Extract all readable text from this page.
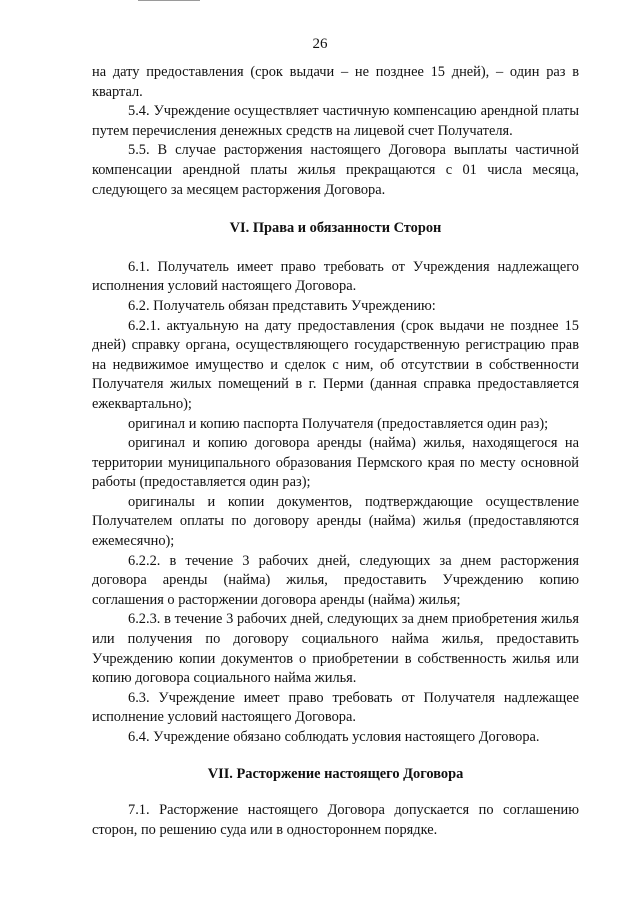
26

на дату предоставления (срок выдачи – не позднее 15 дней), – один раз в квартал.

5.4. Учреждение осуществляет частичную компенсацию арендной платы путем перечисления денежных средств на лицевой счет Получателя.

5.5. В случае расторжения настоящего Договора выплаты частичной компенсации арендной платы жилья прекращаются с 01 числа месяца, следующего за месяцем расторжения Договора.

VI. Права и обязанности Сторон

6.1. Получатель имеет право требовать от Учреждения надлежащего исполнения условий настоящего Договора.

6.2. Получатель обязан представить Учреждению:

6.2.1. актуальную на дату предоставления (срок выдачи не позднее 15 дней) справку органа, осуществляющего государственную регистрацию прав на недвижимое имущество и сделок с ним, об отсутствии в собственности Получателя жилых помещений в г. Перми (данная справка предоставляется ежеквартально);

оригинал и копию паспорта Получателя (предоставляется один раз);

оригинал и копию договора аренды (найма) жилья, находящегося на территории муниципального образования Пермского края по месту основной работы (предоставляется один раз);

оригиналы и копии документов, подтверждающие осуществление Получателем оплаты по договору аренды (найма) жилья (предоставляются ежемесячно);

6.2.2. в течение 3 рабочих дней, следующих за днем расторжения договора аренды (найма) жилья, предоставить Учреждению копию соглашения о расторжении договора аренды (найма) жилья;

6.2.3. в течение 3 рабочих дней, следующих за днем приобретения жилья или получения по договору социального найма жилья, предоставить Учреждению копии документов о приобретении в собственность жилья или копию договора социального найма жилья.

6.3. Учреждение имеет право требовать от Получателя надлежащее исполнение условий настоящего Договора.

6.4. Учреждение обязано соблюдать условия настоящего Договора.

VII. Расторжение настоящего Договора

7.1. Расторжение настоящего Договора допускается по соглашению сторон, по решению суда или в одностороннем порядке.
